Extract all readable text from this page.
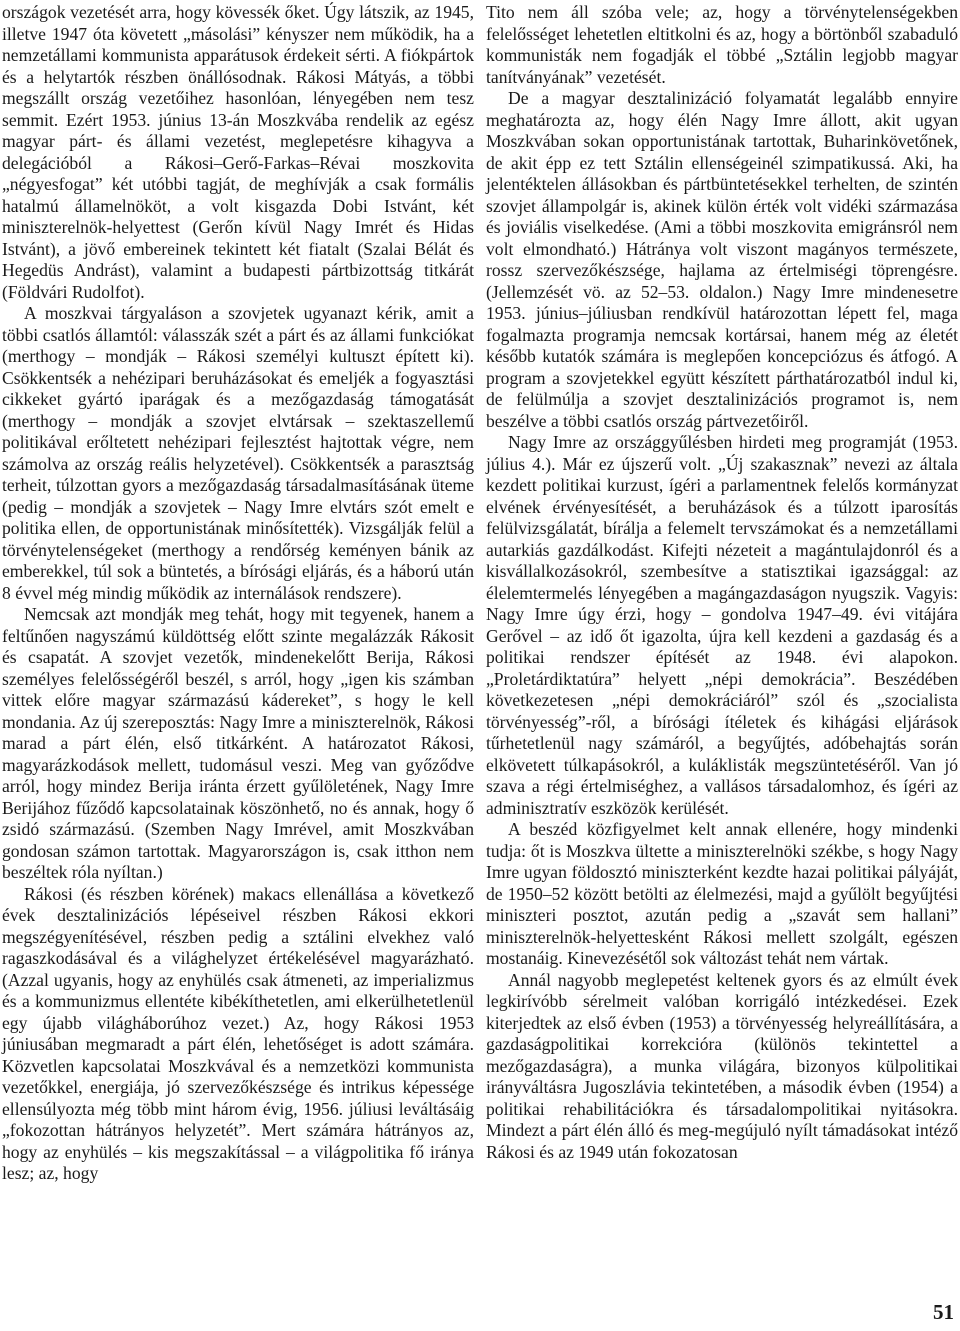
országok vezetését arra, hogy kövessék őket. Úgy látszik, az 1945, illetve 1947 óta követett „másolási” kényszer nem működik, ha a nemzetállami kommunista apparátusok érdekeit sérti. A fiókpártok és a helytartók részben önállósodnak. Rákosi Mátyás, a többi megszállt ország vezetőihez hasonlóan, lényegében nem tesz semmit. Ezért 1953. június 13-án Moszkvába rendelik az egész magyar párt- és állami vezetést, meglepetésre kihagyva a delegációból a Rákosi–Gerő-Farkas–Révai moszkovita „négyesfogat” két utóbbi tagját, de meghívják a csak formális hatalmú államelnököt, a volt kisgazda Dobi Istvánt, két miniszterelnök-helyettest (Gerőn kívül Nagy Imrét és Hidas Istvánt), a jövő embereinek tekintett két fiatalt (Szalai Bélát és Hegedüs Andrást), valamint a budapesti pártbizottság titkárát (Földvári Rudolfot).

A moszkvai tárgyaláson a szovjetek ugyanazt kérik, amit a többi csatlós államtól: válasszák szét a párt és az állami funkciókat (merthogy – mondják – Rákosi személyi kultuszt épített ki). Csökkentsék a nehézipari beruházásokat és emeljék a fogyasztási cikkeket gyártó iparágak és a mezőgazdaság támogatását (merthogy – mondják a szovjet elvtársak – szektaszellemű politikával erőltetett nehézipari fejlesztést hajtottak végre, nem számolva az ország reális helyzetével). Csökkentsék a parasztság terheit, túlzottan gyors a mezőgazdaság társadalmasításának üteme (pedig – mondják a szovjetek – Nagy Imre elvtárs szót emelt e politika ellen, de opportunistának minősítették). Vizsgálják felül a törvénytelenségeket (merthogy a rendőrség keményen bánik az emberekkel, túl sok a büntetés, a bírósági eljárás, és a háború után 8 évvel még mindig működik az internálások rendszere).

Nemcsak azt mondják meg tehát, hogy mit tegyenek, hanem a feltűnően nagyszámú küldöttség előtt szinte megalázzák Rákosit és csapatát. A szovjet vezetők, mindenekelőtt Berija, Rákosi személyes felelősségéről beszél, s arról, hogy „igen kis számban vittek előre magyar származású kádereket”, s hogy le kell mondania. Az új szereposztás: Nagy Imre a miniszterelnök, Rákosi marad a párt élén, első titkárként. A határozatot Rákosi, magyarázkodások mellett, tudomásul veszi. Meg van győződve arról, hogy mindez Berija iránta érzett gyűlöletének, Nagy Imre Berijához fűződő kapcsolatainak köszönhető, no és annak, hogy ő zsidó származású. (Szemben Nagy Imrével, amit Moszkvában gondosan számon tartottak. Magyarországon is, csak itthon nem beszéltek róla nyíltan.)

Rákosi (és részben körének) makacs ellenállása a következő évek desztalinizációs lépéseivel részben Rákosi ekkori megszégyenítésével, részben pedig a sztálini elvekhez való ragaszkodásával és a világhelyzet értékelésével magyarázható. (Azzal ugyanis, hogy az enyhülés csak átmeneti, az imperializmus és a kommunizmus ellentéte kibékíthetetlen, ami elkerülhetetlenül egy újabb világháborúhoz vezet.) Az, hogy Rákosi 1953 júniusában megmaradt a párt élén, lehetőséget is adott számára. Közvetlen kapcsolatai Moszkvával és a nemzetközi kommunista vezetőkkel, energiája, jó szervezőkészsége és intrikus képessége ellensúlyozta még több mint három évig, 1956. júliusi leváltásáig „fokozottan hátrányos helyzetét”. Mert számára hátrányos az, hogy az enyhülés – kis megszakítással – a világpolitika fő iránya lesz; az, hogy

Tito nem áll szóba vele; az, hogy a törvénytelenségekben felelősséget lehetetlen eltitkolni és az, hogy a börtönből szabaduló kommunisták nem fogadják el többé „Sztálin legjobb magyar tanítványának” vezetését.

De a magyar desztalinizáció folyamatát legalább ennyire meghatározta az, hogy élén Nagy Imre állott, akit ugyan Moszkvában sokan opportunistának tartottak, Buharinkövetőnek, de akit épp ez tett Sztálin ellenségeinél szimpatikussá. Aki, ha jelentéktelen állásokban és pártbüntetésekkel terhelten, de szintén szovjet állampolgár is, akinek külön érték volt vidéki származása és joviális viselkedése. (Ami a többi moszkovita emigránsról nem volt elmondható.) Hátránya volt viszont magányos természete, rossz szervezőkészsége, hajlama az értelmiségi töprengésre. (Jellemzését vö. az 52–53. oldalon.) Nagy Imre mindenesetre 1953. június–júliusban rendkívül határozottan lépett fel, maga fogalmazta programja nemcsak kortársai, hanem még az életét később kutatók számára is meglepően koncepciózus és átfogó. A program a szovjetekkel együtt készített párthatározatból indul ki, de felülmúlja a szovjet desztalinizációs programot is, nem beszélve a többi csatlós ország pártvezetőiről.

Nagy Imre az országgyűlésben hirdeti meg programját (1953. július 4.). Már ez újszerű volt. „Új szakasznak” nevezi az általa kezdett politikai kurzust, ígéri a parlamentnek felelős kormányzat elvének érvényesítését, a beruházások és a túlzott iparosítás felülvizsgálatát, bírálja a felemelt tervszámokat és a nemzetállami autarkiás gazdálkodást. Kifejti nézeteit a magántulajdonról és a kisvállalkozásokról, szembesítve a statisztikai igazsággal: az élelemtermelés lényegében a magángazdaságon nyugszik. Vagyis: Nagy Imre úgy érzi, hogy – gondolva 1947–49. évi vitájára Gerővel – az idő őt igazolta, újra kell kezdeni a gazdaság és a politikai rendszer építését az 1948. évi alapokon. „Proletárdiktatúra” helyett „népi demokrácia”. Beszédében következetesen „népi demokráciáról” szól és „szocialista törvényesség”-ről, a bírósági ítéletek és kihágási eljárások tűrhetetlenül nagy számáról, a begyűjtés, adóbehajtás során elkövetett túlkapásokról, a kuláklisták megszüntetéséről. Van jó szava a régi értelmiséghez, a vallásos társadalomhoz, és ígéri az adminisztratív eszközök kerülését.

A beszéd közfigyelmet kelt annak ellenére, hogy mindenki tudja: őt is Moszkva ültette a miniszterelnöki székbe, s hogy Nagy Imre ugyan földosztó miniszterként kezdte hazai politikai pályáját, de 1950–52 között betölti az élelmezési, majd a gyűlölt begyűjtési miniszteri posztot, azután pedig a „szavát sem hallani” miniszterelnök-helyettesként Rákosi mellett szolgált, egészen mostanáig. Kinevezésétől sok változást tehát nem vártak.

Annál nagyobb meglepetést keltenek gyors és az elmúlt évek legkirívóbb sérelmeit valóban korrigáló intézkedései. Ezek kiterjedtek az első évben (1953) a törvényesség helyreállítására, a gazdaságpolitikai korrekcióra (különös tekintettel a mezőgazdaságra), a munka világára, bizonyos külpolitikai irányváltásra Jugoszlávia tekintetében, a második évben (1954) a politikai rehabilitációkra és társadalompolitikai nyitásokra. Mindezt a párt élén álló és meg-megújuló nyílt támadásokat intéző Rákosi és az 1949 után fokozatosan

51
